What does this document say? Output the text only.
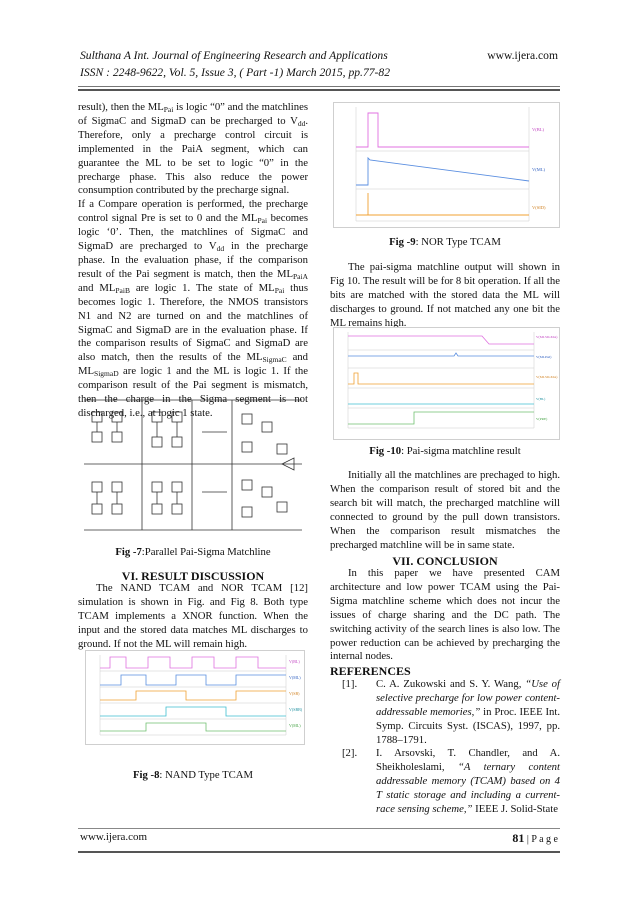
Sulthana A Int. Journal of Engineering Research and Applications
ISSN : 2248-9622, Vol. 5, Issue 3, ( Part -1) March 2015, pp.77-82
www.ijera.com

result), then the $ML_{Pai}$ is logic “0” and the matchlines of SigmaC and SigmaD can be precharged to $V_{dd}$. Therefore, only a precharge control circuit is implemented in the PaiA segment, which can guarantee the ML to be set to logic “0” in the precharge phase. This also reduce the power consumption contributed by the precharge signal.

If a Compare operation is performed, the precharge control signal Pre is set to 0 and the $ML_{Pai}$ becomes logic ‘0’. Then, the matchlines of SigmaC and SigmaD are precharged to $V_{dd}$ in the precharge phase. In the evaluation phase, if the comparison result of the Pai segment is match, then the $ML_{PaiA}$ and $ML_{PaiB}$ are logic 1. The state of $ML_{Pai}$ thus becomes logic 1. Therefore, the NMOS transistors N1 and N2 are turned on and the matchlines of SigmaC and SigmaD are in the evaluation phase. If the comparison results of SigmaC and SigmaD are also match, then the results of the $ML_{SigmaC}$ and $ML_{SigmaD}$ are logic 1 and the ML is logic 1. If the comparison result of the Pai segment is mismatch, then the charge in the Sigma segment is not discharged, i.e., at logic 1 state.

Fig -7:Parallel Pai-Sigma Matchline
VI. RESULT DISCUSSION

The NAND TCAM and NOR TCAM [12] simulation is shown in Fig. and Fig 8. Both type TCAM implements a XNOR function. When the input and the stored data matches ML discharges to ground. If not the ML will remain high.

V(BL)
V(ML)
V(SB)
V(SBB)
V(ML)
Fig -8: NAND Type TCAM
V(BL)
V(ML)
V(SID)
Fig -9: NOR Type TCAM

The pai-sigma matchline output will shown in Fig 10. The result will be for 8 bit operation. If all the bits are matched with the stored data the ML will discharges to ground. If not matched any one bit the ML remains high.

V(MLSIGMA)
V(MLPAI)
V(MLSIGMA)
V(BL)
V(PRE)
Fig -10: Pai-sigma matchline result

Initially all the matchlines are prechaged to high. When the comparison result of stored bit and the search bit will match, the precharged matchline will connected to ground by the pull down transistors. When the comparison result mismatches the precharged matchline will be in same state.

VII. CONCLUSION

In this paper we have presented CAM architecture and low power TCAM using the Pai-Sigma matchline scheme which does not incur the issues of charge sharing and the DC path. The switching activity of the search lines is also low. The power reduction can be achieved by precharging the internal nodes.

REFERENCES
[1]. C. A. Zukowski and S. Y. Wang, “Use of selective precharge for low power content-addressable memories,” in Proc. IEEE Int. Symp. Circuits Syst. (ISCAS), 1997, pp. 1788–1791.

[2]. I. Arsovski, T. Chandler, and A. Sheikholeslami, “A ternary content addressable memory (TCAM) based on 4 T static storage and including a current-race sensing scheme,” IEEE J. Solid-State

www.ijera.com	81 | P a g e
